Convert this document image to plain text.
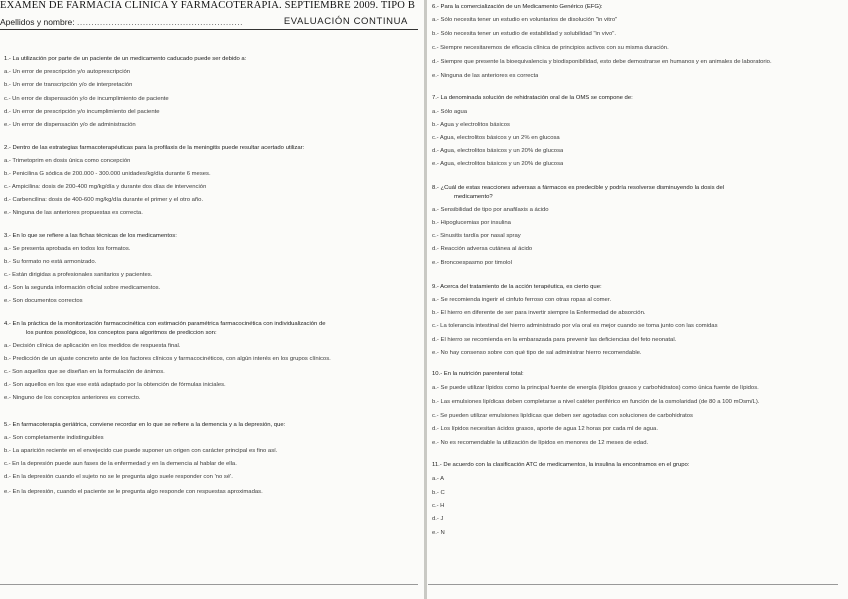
EXAMEN DE FARMACIA CLINICA Y FARMACOTERAPIA. SEPTIEMBRE 2009. TIPO B
Apellidos y nombre: ..........................................................	EVALUACIÓN CONTINUA
1.- La utilización por parte de un paciente de un medicamento caducado puede ser debido a:
a.- Un error de prescripción y/o autoprescripción
b.- Un error de transcripción y/o de interpretación
c.- Un error de dispensación y/o de incumplimiento de paciente
d.- Un error de prescripción y/o incumplimiento del paciente
e.- Un error de dispensación y/o de administración
2.- Dentro de las estrategias farmacoterapéuticas para la profilaxis de la meningitis puede resultar acertado utilizar:
a.- Trimetoprim en dosis única como concepción
b.- Penicilina G sódica de 200.000 - 300.000 unidades/kg/día durante 6 meses.
c.- Ampicilina: dosis de 200-400 mg/kg/día y durante dos días de intervención
d.- Carbencilina: dosis de 400-600 mg/kg/día durante el primer y el otro año.
e.- Ninguna de las anteriores propuestas es correcta.
3.- En lo que se refiere a las fichas técnicas de los medicamentos:
a.- Se presenta aprobada en todos los formatos.
b.- Su formato no está armonizado.
c.- Están dirigidas a profesionales sanitarios y pacientes.
d.- Son la segunda información oficial sobre medicamentos.
e.- Son documentos correctos
4.- En la práctica de la monitorización farmacocinética con estimación paramétrica farmacocinética con individualización de
los puntos posológicos, los conceptos para algoritmos de prediccion son:
a.- Decisión clínica de aplicación en los medidos de respuesta final.
b.- Predicción de un ajuste concreto ante de los factores clínicos y farmacocinéticos, con algún interés en los grupos clínicos.
c.- Son aquellos que se diseñan en la formulación de ánimos.
d.- Son aquellos en los que ese está adaptado por la obtención de fórmulas iniciales.
e.- Ninguno de los conceptos anteriores es correcto.
5.- En farmacoterapia geriátrica, conviene recordar en lo que se refiere a la demencia y a la depresión, que:
a.- Son completamente indistinguibles
b.- La aparición reciente en el envejecido cue puede suponer un origen con carácter principal es fino así.
c.- En la depresión puede aun fases de la enfermedad y en la demencia al hablar de ella.
d.- En la depresión cuando el sujeto no se le pregunta algo suele responder con 'no sé'.
e.- En la depresión, cuando el paciente se le pregunta algo responde con respuestas aproximadas.
6.- Para la comercialización de un Medicamento Genérico (EFG):
a.- Sólo necesita tener un estudio en voluntarios de disolución "in vitro"
b.- Sólo necesita tener un estudio de estabilidad y solubilidad "in vivo".
c.- Siempre necesitaremos de eficacia clínica de principios activos con su misma duración.
d.- Siempre que presente la bioequivalencia y biodisponibilidad, esto debe demostrarse en humanos y en animales de laboratorio.
e.- Ninguna de las anteriores es correcta
7.- La denominada solución de rehidratación oral de la OMS se compone de:
a.- Sólo agua
b.- Agua y electrolitos básicos
c.- Agua, electrolitos básicos y un 2% en glucosa
d.- Agua, electrolitos básicos y un 20% de glucosa
e.- Agua, electrolitos básicos y un 20% de glucosa
8.- ¿Cuál de estas reacciones adversas a fármacos es predecible y podría resolverse disminuyendo la dosis del
medicamento?
a.- Sensibilidad de tipo por anafilaxis a ácido
b.- Hipoglucemias por insulina
c.- Sinusitis tardía por nasal spray
d.- Reacción adversa cutánea al ácido
e.- Broncoespasmo por timolol
9.- Acerca del tratamiento de la acción terapéutica, es cierto que:
a.- Se recomienda ingerir el cinfuto ferroso con otras ropas al comer.
b.- El hierro en diferente de ser para invertir siempre la Enfermedad de absorción.
c.- La tolerancia intestinal del hierro administrado por vía oral es mejor cuando se toma junto con las comidas
d.- El hierro se recomienda en la embarazada para prevenir las deficiencias del feto neonatal.
e.- No hay consenso sobre con qué tipo de sal administrar hierro recomendable.
10.- En la nutrición parenteral total:
a.- Se puede utilizar lípidos como la principal fuente de energía (lípidos grasos y carbohidratos) como única fuente de lípidos.
b.- Las emulsiones lipídicas deben completarse a nivel catéter periférico en función de la osmolaridad (de 80 a 100 mOsm/L).
c.- Se pueden utilizar emulsiones lipídicas que deben ser agotadas con soluciones de carbohidratos
d.- Los lípidos necesitan ácidos grasos, aporte de agua 12 horas por cada ml de agua.
e.- No es recomendable la utilización de lípidos en menores de 12 meses de edad.
11.- De acuerdo con la clasificación ATC de medicamentos, la insulina la encontramos en el grupo:
a.- A
b.- C
c.- H
d.- J
e.- N
